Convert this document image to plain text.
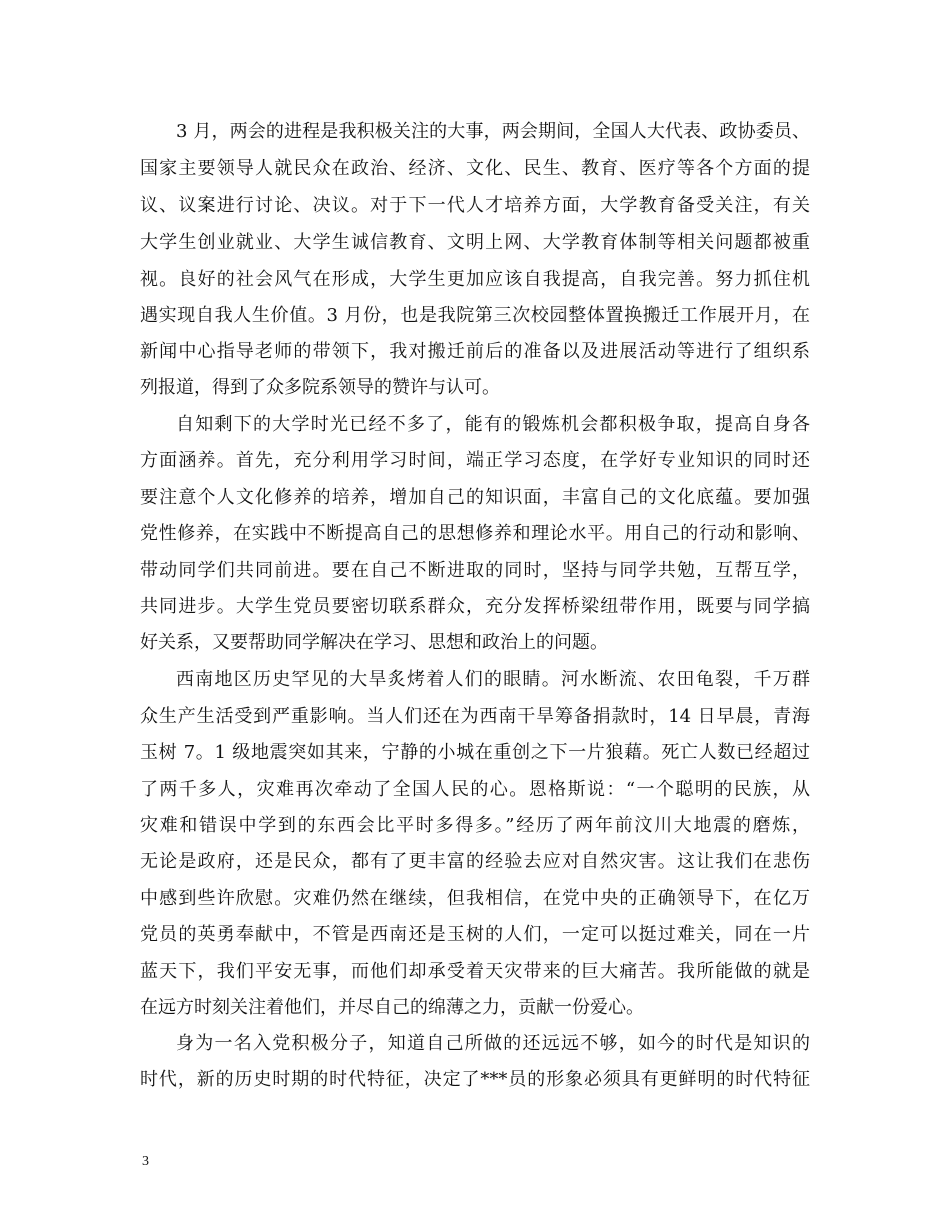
3 月，两会的进程是我积极关注的大事，两会期间，全国人大代表、政协委员、
国家主要领导人就民众在政治、经济、文化、民生、教育、医疗等各个方面的提
议、议案进行讨论、决议。对于下一代人才培养方面，大学教育备受关注，有关
大学生创业就业、大学生诚信教育、文明上网、大学教育体制等相关问题都被重
视。良好的社会风气在形成，大学生更加应该自我提高，自我完善。努力抓住机
遇实现自我人生价值。3 月份，也是我院第三次校园整体置换搬迁工作展开月，在
新闻中心指导老师的带领下，我对搬迁前后的准备以及进展活动等进行了组织系
列报道，得到了众多院系领导的赞许与认可。
自知剩下的大学时光已经不多了，能有的锻炼机会都积极争取，提高自身各
方面涵养。首先，充分利用学习时间，端正学习态度，在学好专业知识的同时还
要注意个人文化修养的培养，增加自己的知识面，丰富自己的文化底蕴。要加强
党性修养，在实践中不断提高自己的思想修养和理论水平。用自己的行动和影响、
带动同学们共同前进。要在自己不断进取的同时，坚持与同学共勉，互帮互学，
共同进步。大学生党员要密切联系群众，充分发挥桥梁纽带作用，既要与同学搞
好关系，又要帮助同学解决在学习、思想和政治上的问题。
西南地区历史罕见的大旱炙烤着人们的眼睛。河水断流、农田龟裂，千万群
众生产生活受到严重影响。当人们还在为西南干旱筹备捐款时，14 日早晨，青海
玉树 7。1 级地震突如其来，宁静的小城在重创之下一片狼藉。死亡人数已经超过
了两千多人，灾难再次牵动了全国人民的心。恩格斯说：“一个聪明的民族，从
灾难和错误中学到的东西会比平时多得多。”经历了两年前汶川大地震的磨炼，
无论是政府，还是民众，都有了更丰富的经验去应对自然灾害。这让我们在悲伤
中感到些许欣慰。灾难仍然在继续，但我相信，在党中央的正确领导下，在亿万
党员的英勇奉献中，不管是西南还是玉树的人们，一定可以挺过难关，同在一片
蓝天下，我们平安无事，而他们却承受着天灾带来的巨大痛苦。我所能做的就是
在远方时刻关注着他们，并尽自己的绵薄之力，贡献一份爱心。
身为一名入党积极分子，知道自己所做的还远远不够，如今的时代是知识的
时代，新的历史时期的时代特征，决定了***员的形象必须具有更鲜明的时代特征
3
